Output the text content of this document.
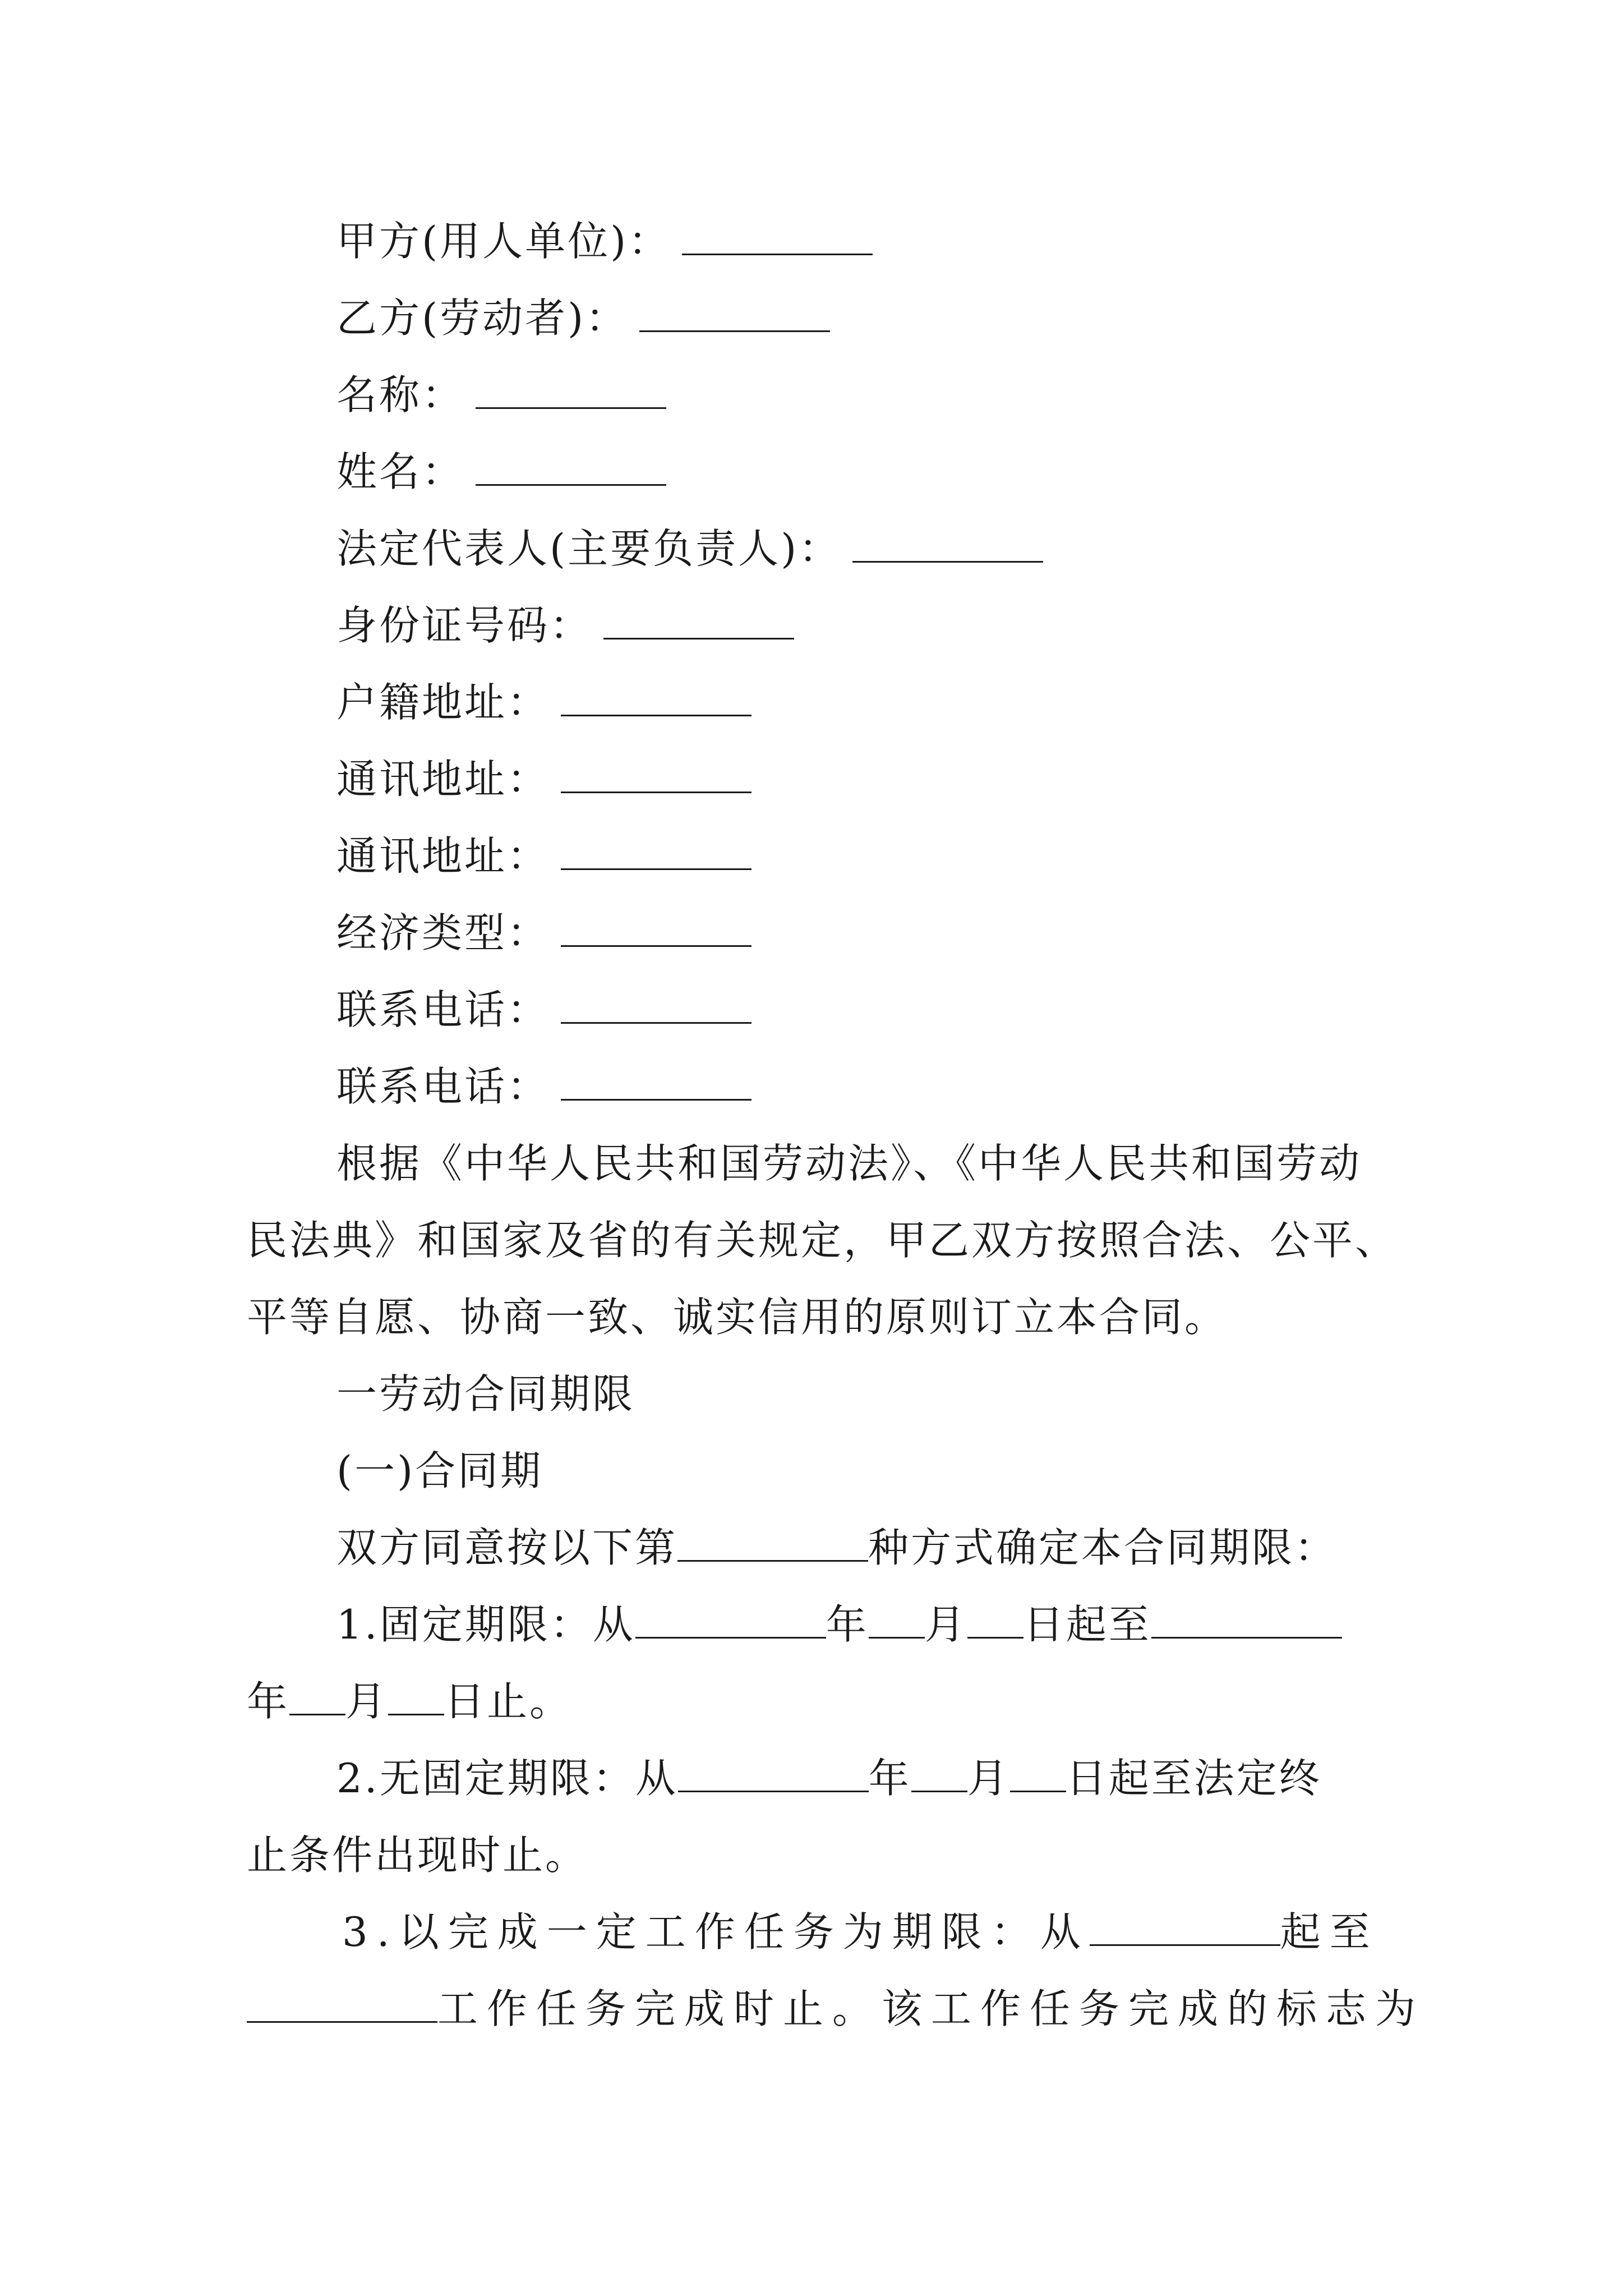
甲方(用人单位)：
乙方(劳动者)：
名称：
姓名：
法定代表人(主要负责人)：
身份证号码：
户籍地址：
通讯地址：
通讯地址：
经济类型：
联系电话：
联系电话：
根据《中华人民共和国劳动法》、《中华人民共和国劳动
民法典》和国家及省的有关规定，甲乙双方按照合法、公平、
平等自愿、协商一致、诚实信用的原则订立本合同。
一劳动合同期限
(一)合同期
双方同意按以下第	种方式确定本合同期限：
1.固定期限：从	年 月 日起至
年 月 日止。
2.无固定期限：从	年 月 日起至法定终
止条件出现时止。
3.以完成一定工作任务为期限：从	起至
工作任务完成时止。该工作任务完成的标志为
